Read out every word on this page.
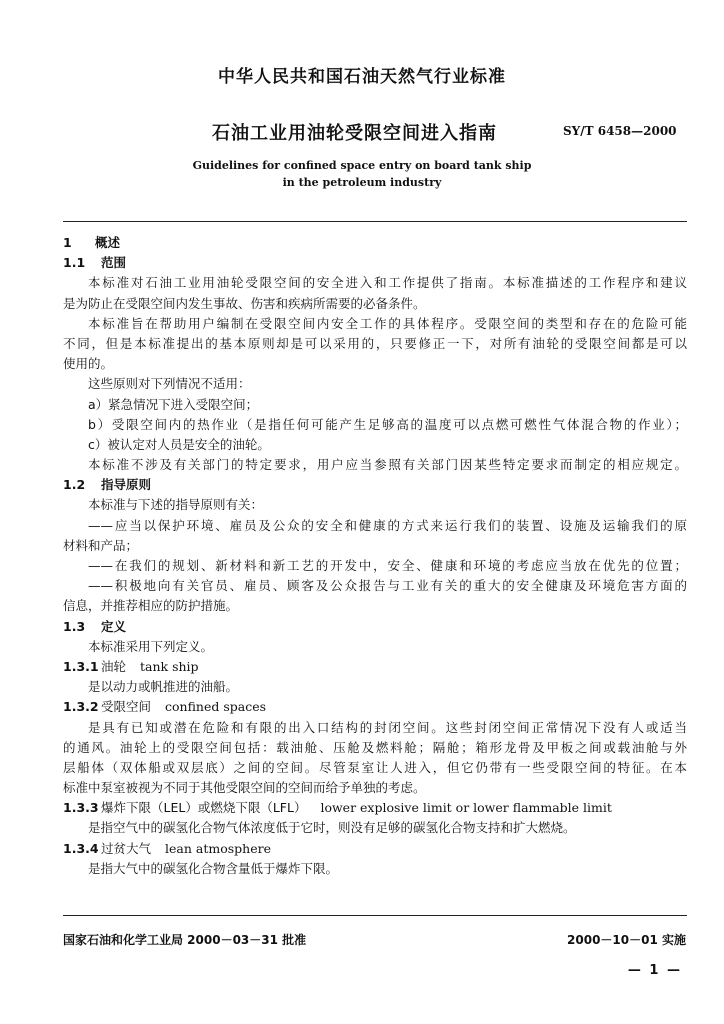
中华人民共和国石油天然气行业标准
石油工业用油轮受限空间进入指南	SY/T 6458—2000
Guidelines for confined space entry on board tank ship
in the petroleum industry
1 概述
1.1 范围
本标准对石油工业用油轮受限空间的安全进入和工作提供了指南。本标准描述的工作程序和建议
是为防止在受限空间内发生事故、伤害和疾病所需要的必备条件。
本标准旨在帮助用户编制在受限空间内安全工作的具体程序。受限空间的类型和存在的危险可能
不同，但是本标准提出的基本原则却是可以采用的，只要修正一下，对所有油轮的受限空间都是可以
使用的。
这些原则对下列情况不适用：
a）紧急情况下进入受限空间；
b）受限空间内的热作业（是指任何可能产生足够高的温度可以点燃可燃性气体混合物的作业）；
c）被认定对人员是安全的油轮。
本标准不涉及有关部门的特定要求，用户应当参照有关部门因某些特定要求而制定的相应规定。
1.2 指导原则
本标准与下述的指导原则有关：
——应当以保护环境、雇员及公众的安全和健康的方式来运行我们的装置、设施及运输我们的原
材料和产品；
——在我们的规划、新材料和新工艺的开发中，安全、健康和环境的考虑应当放在优先的位置；
——积极地向有关官员、雇员、顾客及公众报告与工业有关的重大的安全健康及环境危害方面的
信息，并推荐相应的防护措施。
1.3 定义
本标准采用下列定义。
1.3.1 油轮 tank ship
是以动力或帆推进的油船。
1.3.2 受限空间 confined spaces
是具有已知或潜在危险和有限的出入口结构的封闭空间。这些封闭空间正常情况下没有人或适当
的通风。油轮上的受限空间包括：载油舱、压舱及燃料舱；隔舱；箱形龙骨及甲板之间或载油舱与外
层船体（双体船或双层底）之间的空间。尽管泵室让人进入，但它仍带有一些受限空间的特征。在本
标准中泵室被视为不同于其他受限空间的空间而给予单独的考虑。
1.3.3 爆炸下限（LEL）或燃烧下限（LFL） lower explosive limit or lower flammable limit
是指空气中的碳氢化合物气体浓度低于它时，则没有足够的碳氢化合物支持和扩大燃烧。
1.3.4 过贫大气 lean atmosphere
是指大气中的碳氢化合物含量低于爆炸下限。
国家石油和化学工业局 2000－03－31 批准	2000－10－01 实施
— 1 —
